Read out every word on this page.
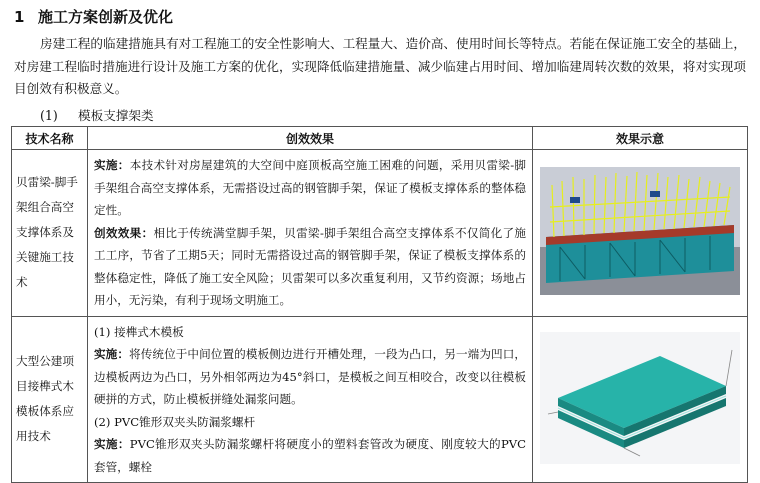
1 施工方案创新及优化
房建工程的临建措施具有对工程施工的安全性影响大、工程量大、造价高、使用时间长等特点。若能在保证施工安全的基础上，对房建工程临时措施进行设计及施工方案的优化，实现降低临建措施量、减少临建占用时间、增加临建周转次数的效果，将对实现项目创效有积极意义。
(1) 模板支撑架类
技术名称	创效效果	效果示意
贝雷梁-脚手架组合高空支撑体系及关键施工技术	实施：本技术针对房屋建筑的大空间中庭顶板高空施工困难的问题，采用贝雷梁-脚手架组合高空支撑体系，无需搭设过高的钢管脚手架，保证了模板支撑体系的整体稳定性。

创效效果：相比于传统满堂脚手架，贝雷梁-脚手架组合高空支撑体系不仅简化了施工工序，节省了工期5天；同时无需搭设过高的钢管脚手架，保证了模板支撑体系的整体稳定性，降低了施工安全风险；贝雷架可以多次重复利用，又节约资源；场地占用小，无污染，有利于现场文明施工。

大型公建项目接榫式木模板体系应用技术	(1) 接榫式木模板

实施：将传统位于中间位置的模板侧边进行开槽处理，一段为凸口，另一端为凹口，边模板两边为凸口，另外相邻两边为45°斜口，是模板之间互相咬合，改变以往模板硬拼的方式，防止模板拼缝处漏浆问题。

(2) PVC锥形双夹头防漏浆螺杆

实施：PVC锥形双夹头防漏浆螺杆将硬度小的塑料套管改为硬度、刚度较大的PVC套管，螺栓
